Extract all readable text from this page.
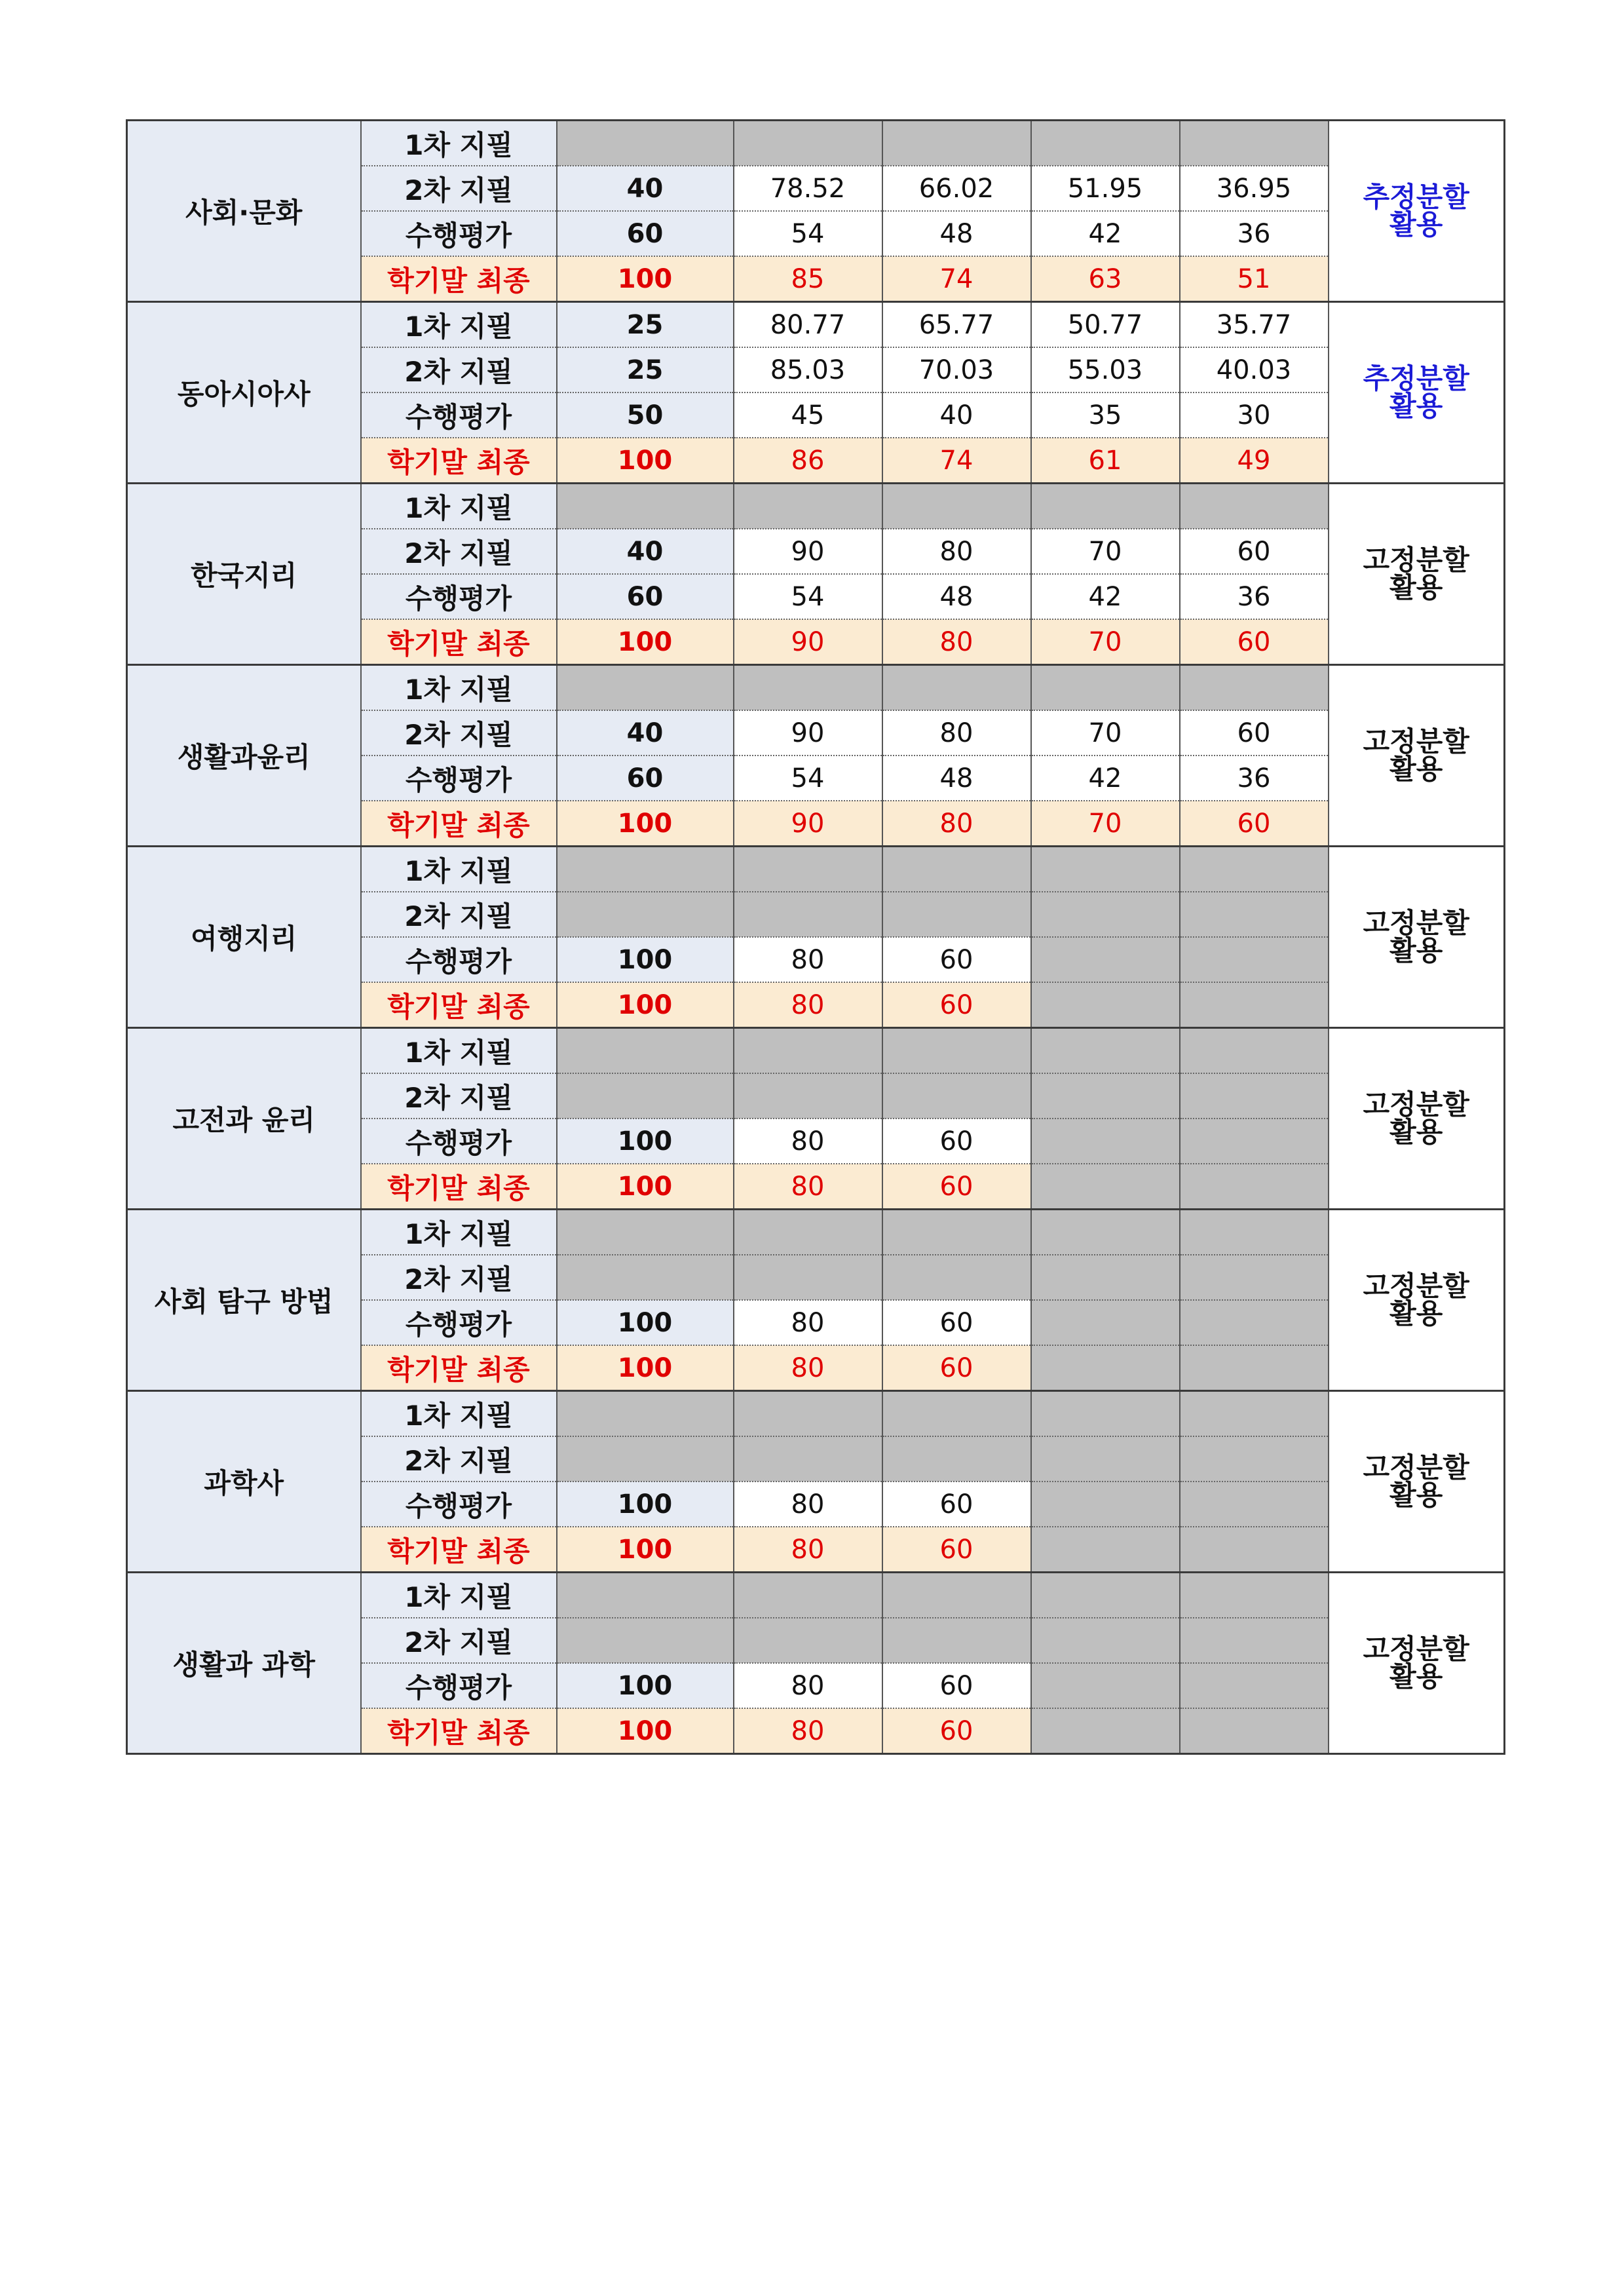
사회·문화	1차 지필						추정분할
활용

	2차 지필	40	78.52	66.02	51.95	36.95	
	수행평가	60	54	48	42	36	
	학기말 최종	100	85	74	63	51	
동아시아사	1차 지필	25	80.77	65.77	50.77	35.77	추정분할
활용

	2차 지필	25	85.03	70.03	55.03	40.03	
	수행평가	50	45	40	35	30	
	학기말 최종	100	86	74	61	49	
한국지리	1차 지필						고정분할
활용

	2차 지필	40	90	80	70	60	
	수행평가	60	54	48	42	36	
	학기말 최종	100	90	80	70	60	
생활과윤리	1차 지필						고정분할
활용

	2차 지필	40	90	80	70	60	
	수행평가	60	54	48	42	36	
	학기말 최종	100	90	80	70	60	
여행지리	1차 지필						고정분할
활용

	2차 지필						
	수행평가	100	80	60			
	학기말 최종	100	80	60			
고전과 윤리	1차 지필						고정분할
활용

	2차 지필						
	수행평가	100	80	60			
	학기말 최종	100	80	60			
사회 탐구 방법	1차 지필						고정분할
활용

	2차 지필						
	수행평가	100	80	60			
	학기말 최종	100	80	60			
과학사	1차 지필						고정분할
활용

	2차 지필						
	수행평가	100	80	60			
	학기말 최종	100	80	60			
생활과 과학	1차 지필						고정분할
활용

	2차 지필						
	수행평가	100	80	60			
	학기말 최종	100	80	60			
